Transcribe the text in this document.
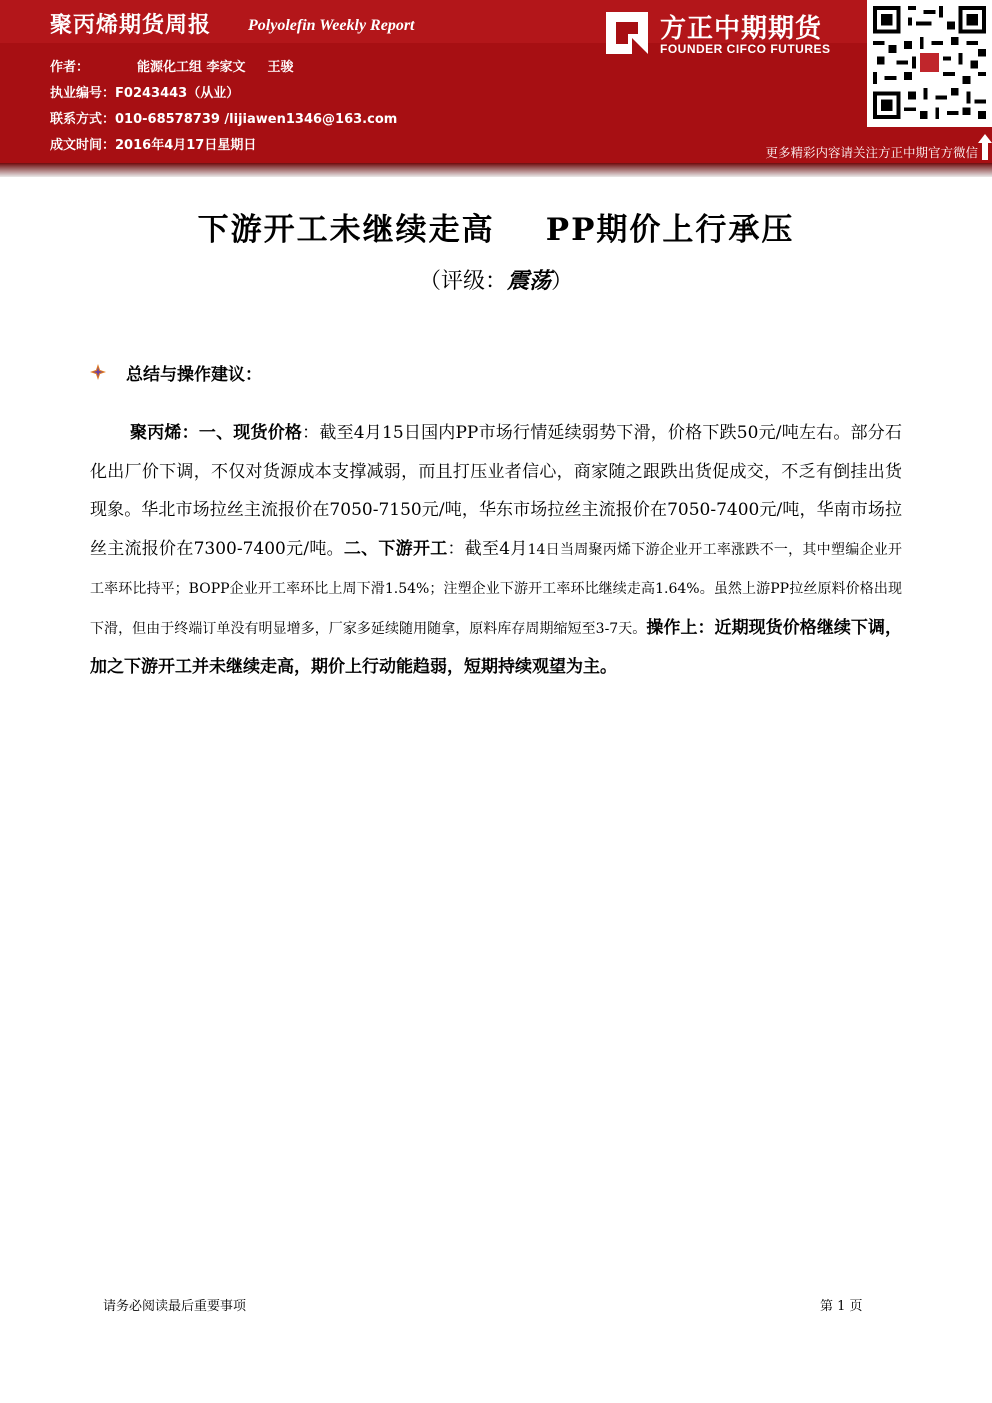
聚丙烯期货周报 Polyolefin Weekly Report
作者：	能源化工组 李家文 王骏
执业编号：F0243443（从业）
联系方式：010-68578739 /lijiawen1346@163.com
成文时间：2016年4月17日星期日
方正中期期货
FOUNDER CIFCO FUTURES
更多精彩内容请关注方正中期官方微信
下游开工未继续走高    PP期价上行承压
（评级：震荡）
总结与操作建议：
聚丙烯：一、现货价格：截至4月15日国内PP市场行情延续弱势下滑，价格下跌50元/吨左右。部分石化出厂价下调，不仅对货源成本支撑减弱，而且打压业者信心，商家随之跟跌出货促成交，不乏有倒挂出货现象。华北市场拉丝主流报价在7050-7150元/吨，华东市场拉丝主流报价在7050-7400元/吨，华南市场拉丝主流报价在7300-7400元/吨。二、下游开工：截至4月14日当周聚丙烯下游企业开工率涨跌不一，其中塑编企业开工率环比持平；BOPP企业开工率环比上周下滑1.54%；注塑企业下游开工率环比继续走高1.64%。虽然上游PP拉丝原料价格出现下滑，但由于终端订单没有明显增多，厂家多延续随用随拿，原料库存周期缩短至3-7天。操作上：近期现货价格继续下调，加之下游开工并未继续走高，期价上行动能趋弱，短期持续观望为主。
请务必阅读最后重要事项	第 1 页
